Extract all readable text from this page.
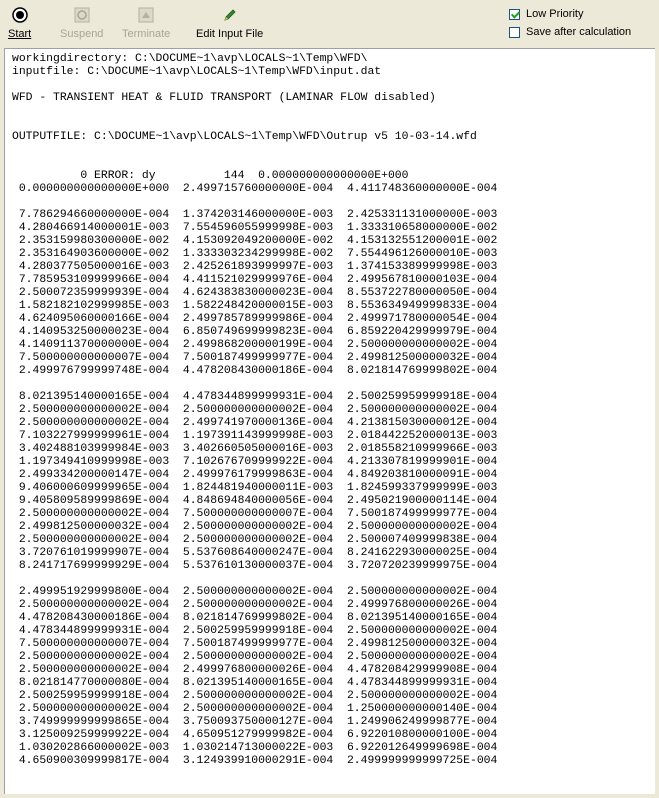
Start	Suspend Terminate Edit Input File
Low Priority
Save after calculation
workingdirectory: C:\DOCUME~1\avp\LOCALS~1\Temp\WFD\
inputfile: C:\DOCUME~1\avp\LOCALS~1\Temp\WFD\input.dat
WFD - TRANSIENT HEAT & FLUID TRANSPORT (LAMINAR FLOW disabled)
OUTPUTFILE: C:\DOCUME~1\avp\LOCALS~1\Temp\WFD\Outrup v5 10-03-14.wfd
0 ERROR: dy          144  0.000000000000000E+000
0.000000000000000E+000  2.499715760000000E-004  4.411748360000000E-004
7.786294660000000E-004  1.374203146000000E-003  2.425331131000000E-003
4.280466914000001E-003  7.554596055999998E-003  1.333310658000000E-002
2.353159980300000E-002  4.153092049200000E-002  4.153132551200001E-002
2.353164903600000E-002  1.333303234299998E-002  7.554496126000010E-003
4.280377505000016E-003  2.425261893999997E-003  1.374153389999998E-003
7.785953109999966E-004  4.411521029999976E-004  2.499567810000103E-004
2.500072359999939E-004  4.624383830000023E-004  8.553722780000050E-004
1.582182102999985E-003  1.582248420000015E-003  8.553634949999833E-004
4.624095060000166E-004  2.499785789999986E-004  2.499971780000054E-004
4.140953250000023E-004  6.850749699999823E-004  6.859220429999979E-004
4.140911370000000E-004  2.499868200000199E-004  2.500000000000002E-004
7.500000000000007E-004  7.500187499999977E-004  2.499812500000032E-004
2.499976799999748E-004  4.478208430000186E-004  8.021814769999802E-004
8.021395140000165E-004  4.478344899999931E-004  2.500259959999918E-004
2.500000000000002E-004  2.500000000000002E-004  2.500000000000002E-004
2.500000000000002E-004  2.499741970000136E-004  4.213815030000012E-004
7.103227999999961E-004  1.197391143999998E-003  2.018442252000013E-003
3.402488103999984E-003  3.402660505000016E-003  2.018558210999966E-003
1.197349410999998E-003  7.102676709999922E-004  4.213307819999901E-004
2.499334200000147E-004  2.499976179999863E-004  4.849203810000091E-004
9.406000609999965E-004  1.824481940000011E-003  1.824599337999999E-003
9.405809589999869E-004  4.848694840000056E-004  2.495021900000114E-004
2.500000000000002E-004  7.500000000000007E-004  7.500187499999977E-004
2.499812500000032E-004  2.500000000000002E-004  2.500000000000002E-004
2.500000000000002E-004  2.500000000000002E-004  2.500007409999838E-004
3.720761019999907E-004  5.537608640000247E-004  8.241622930000025E-004
8.241717699999929E-004  5.537610130000037E-004  3.720720239999975E-004
2.499951929999800E-004  2.500000000000002E-004  2.500000000000002E-004
2.500000000000002E-004  2.500000000000002E-004  2.499976800000026E-004
4.478208430000186E-004  8.021814769999802E-004  8.021395140000165E-004
4.478344899999931E-004  2.500259959999918E-004  2.500000000000002E-004
7.500000000000007E-004  7.500187499999977E-004  2.499812500000032E-004
2.500000000000002E-004  2.500000000000002E-004  2.500000000000002E-004
2.500000000000002E-004  2.499976800000026E-004  4.478208429999908E-004
8.021814770000080E-004  8.021395140000165E-004  4.478344899999931E-004
2.500259959999918E-004  2.500000000000002E-004  2.500000000000002E-004
2.500000000000002E-004  2.500000000000002E-004  1.250000000000140E-004
3.749999999999865E-004  3.750093750000127E-004  1.249906249999877E-004
3.125009259999922E-004  4.650951279999982E-004  6.922010800000100E-004
1.030202866000002E-003  1.030214713000022E-003  6.922012649999698E-004
4.650900309999817E-004  3.124939910000291E-004  2.499999999999725E-004
